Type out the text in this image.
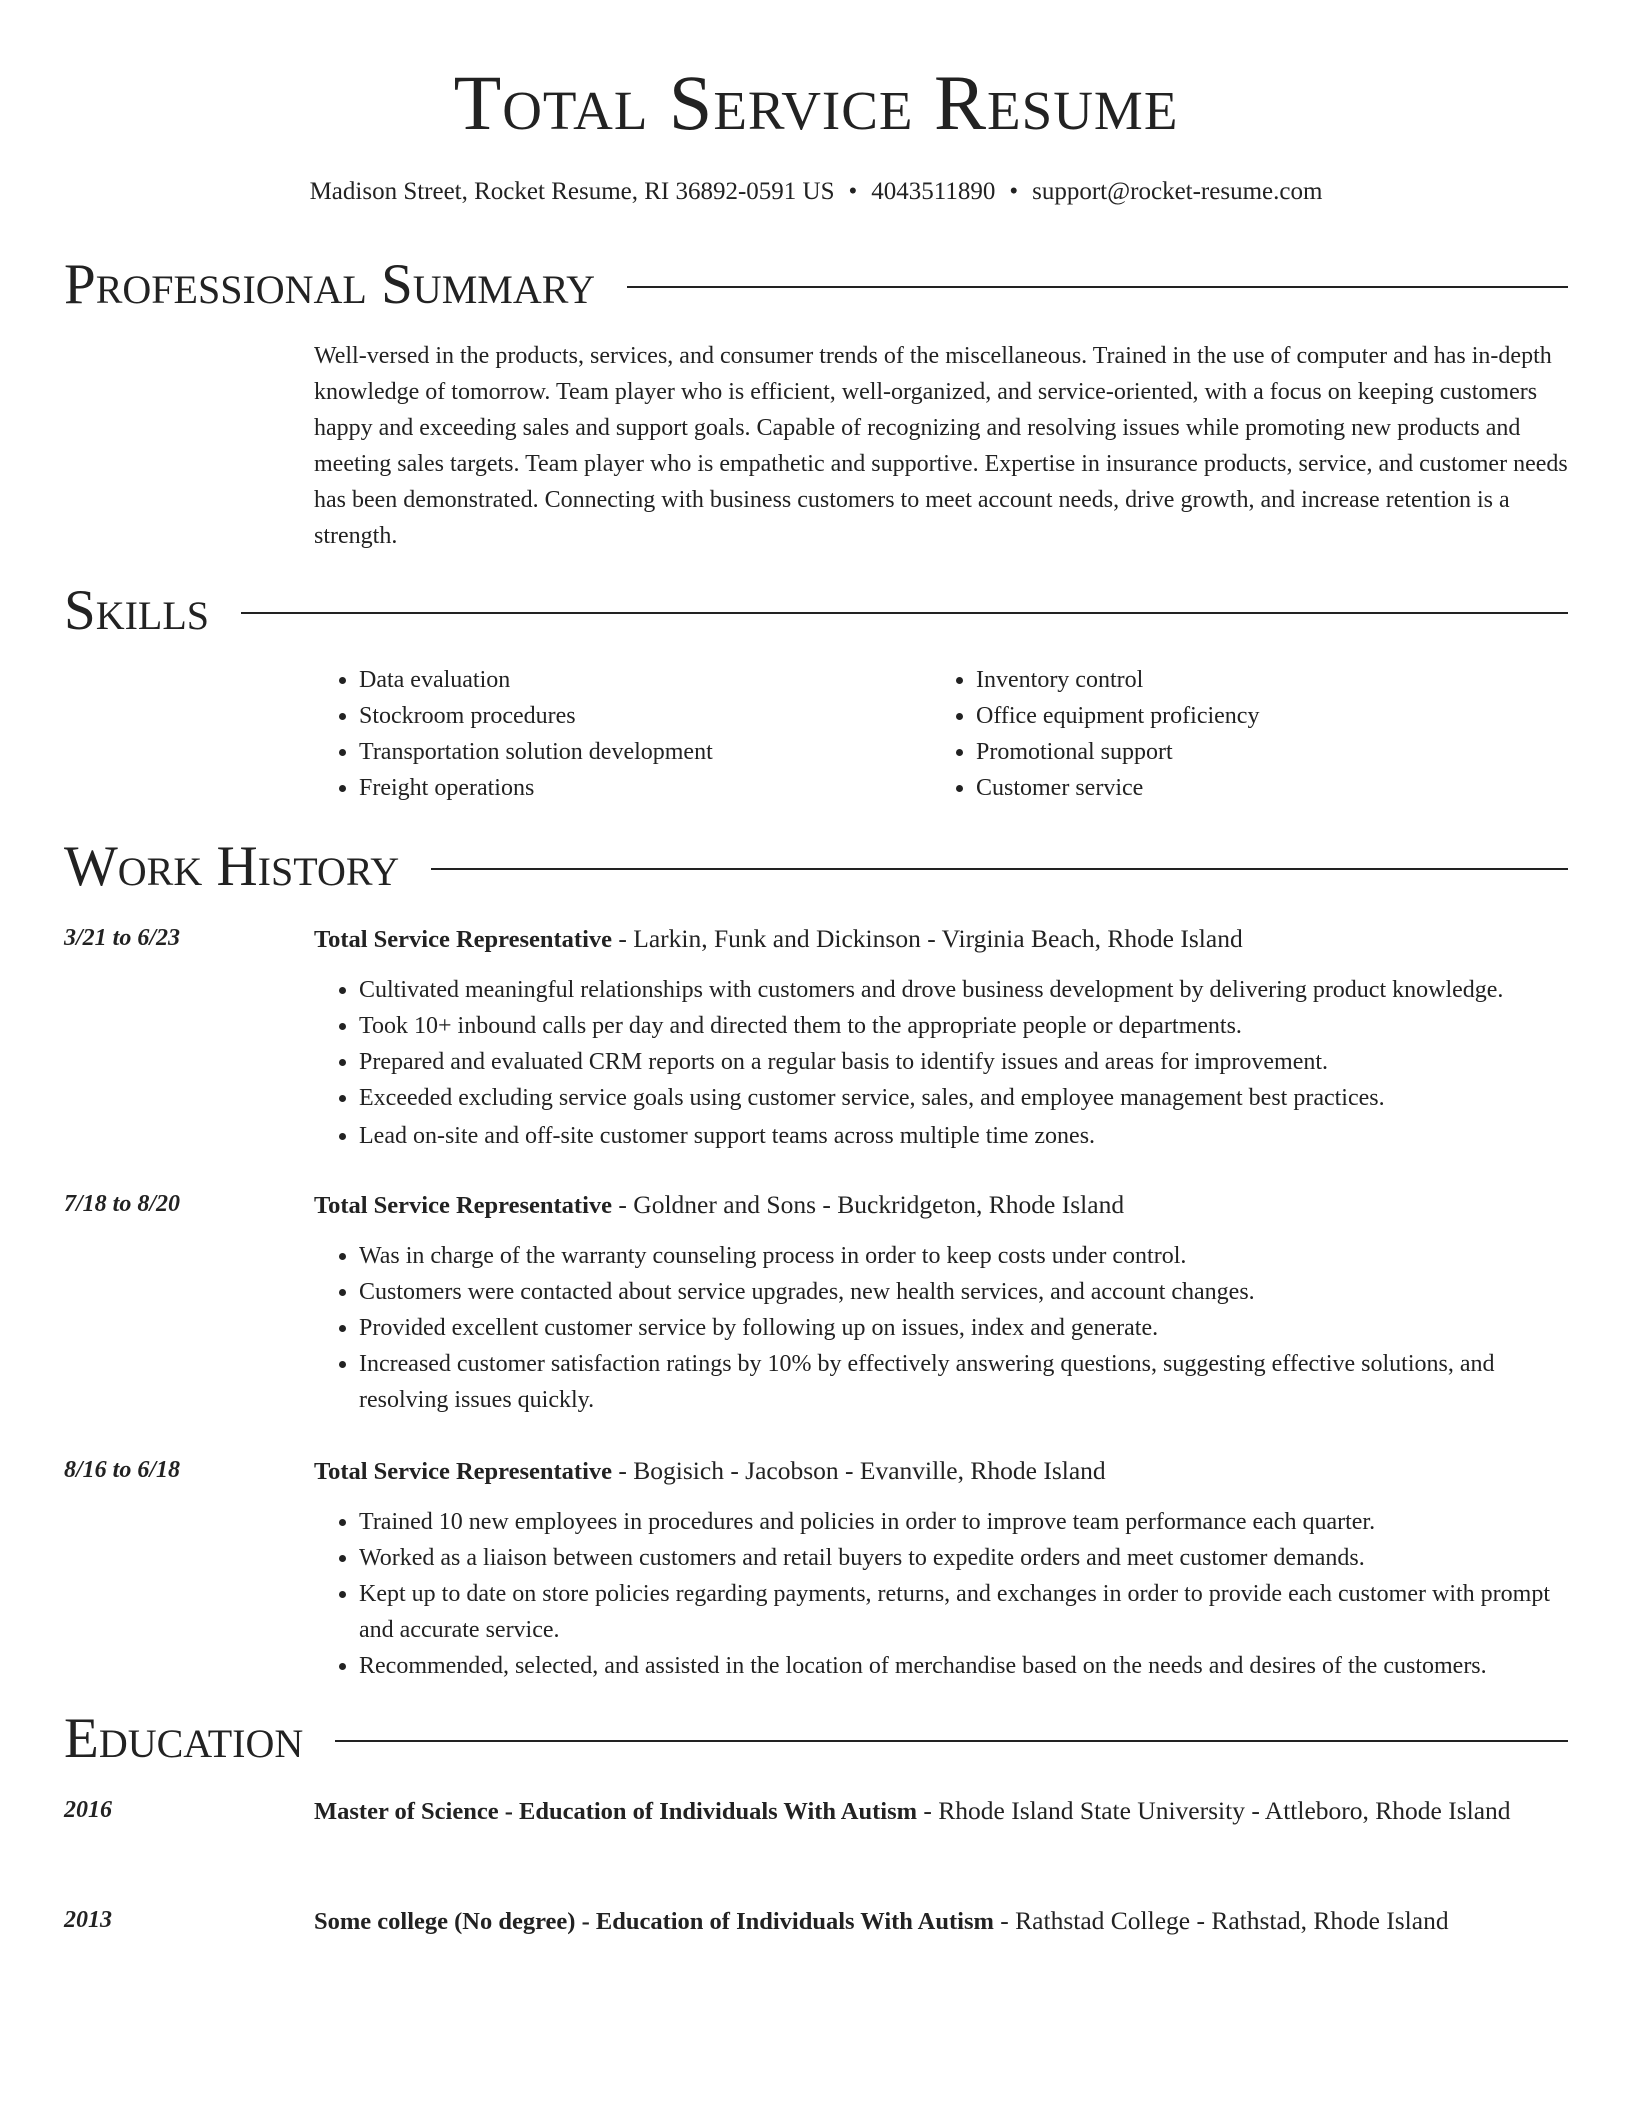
Total Service Resume
Madison Street, Rocket Resume, RI 36892-0591 US • 4043511890 • support@rocket-resume.com
Professional Summary
Well-versed in the products, services, and consumer trends of the miscellaneous. Trained in the use of computer and has in-depth knowledge of tomorrow. Team player who is efficient, well-organized, and service-oriented, with a focus on keeping customers happy and exceeding sales and support goals. Capable of recognizing and resolving issues while promoting new products and meeting sales targets. Team player who is empathetic and supportive. Expertise in insurance products, service, and customer needs has been demonstrated. Connecting with business customers to meet account needs, drive growth, and increase retention is a strength.
Skills
• Data evaluation
• Stockroom procedures
• Transportation solution development
• Freight operations
• Inventory control
• Office equipment proficiency
• Promotional support
• Customer service
Work History
3/21 to 6/23	Total Service Representative - Larkin, Funk and Dickinson - Virginia Beach, Rhode Island
• Cultivated meaningful relationships with customers and drove business development by delivering product knowledge.
• Took 10+ inbound calls per day and directed them to the appropriate people or departments.
• Prepared and evaluated CRM reports on a regular basis to identify issues and areas for improvement.
• Exceeded excluding service goals using customer service, sales, and employee management best practices.
• Lead on-site and off-site customer support teams across multiple time zones.
7/18 to 8/20	Total Service Representative - Goldner and Sons - Buckridgeton, Rhode Island
• Was in charge of the warranty counseling process in order to keep costs under control.
• Customers were contacted about service upgrades, new health services, and account changes.
• Provided excellent customer service by following up on issues, index and generate.
• Increased customer satisfaction ratings by 10% by effectively answering questions, suggesting effective solutions, and resolving issues quickly.
8/16 to 6/18	Total Service Representative - Bogisich - Jacobson - Evanville, Rhode Island
• Trained 10 new employees in procedures and policies in order to improve team performance each quarter.
• Worked as a liaison between customers and retail buyers to expedite orders and meet customer demands.
• Kept up to date on store policies regarding payments, returns, and exchanges in order to provide each customer with prompt and accurate service.
• Recommended, selected, and assisted in the location of merchandise based on the needs and desires of the customers.
Education
2016	Master of Science - Education of Individuals With Autism - Rhode Island State University - Attleboro, Rhode Island
2013	Some college (No degree) - Education of Individuals With Autism - Rathstad College - Rathstad, Rhode Island
